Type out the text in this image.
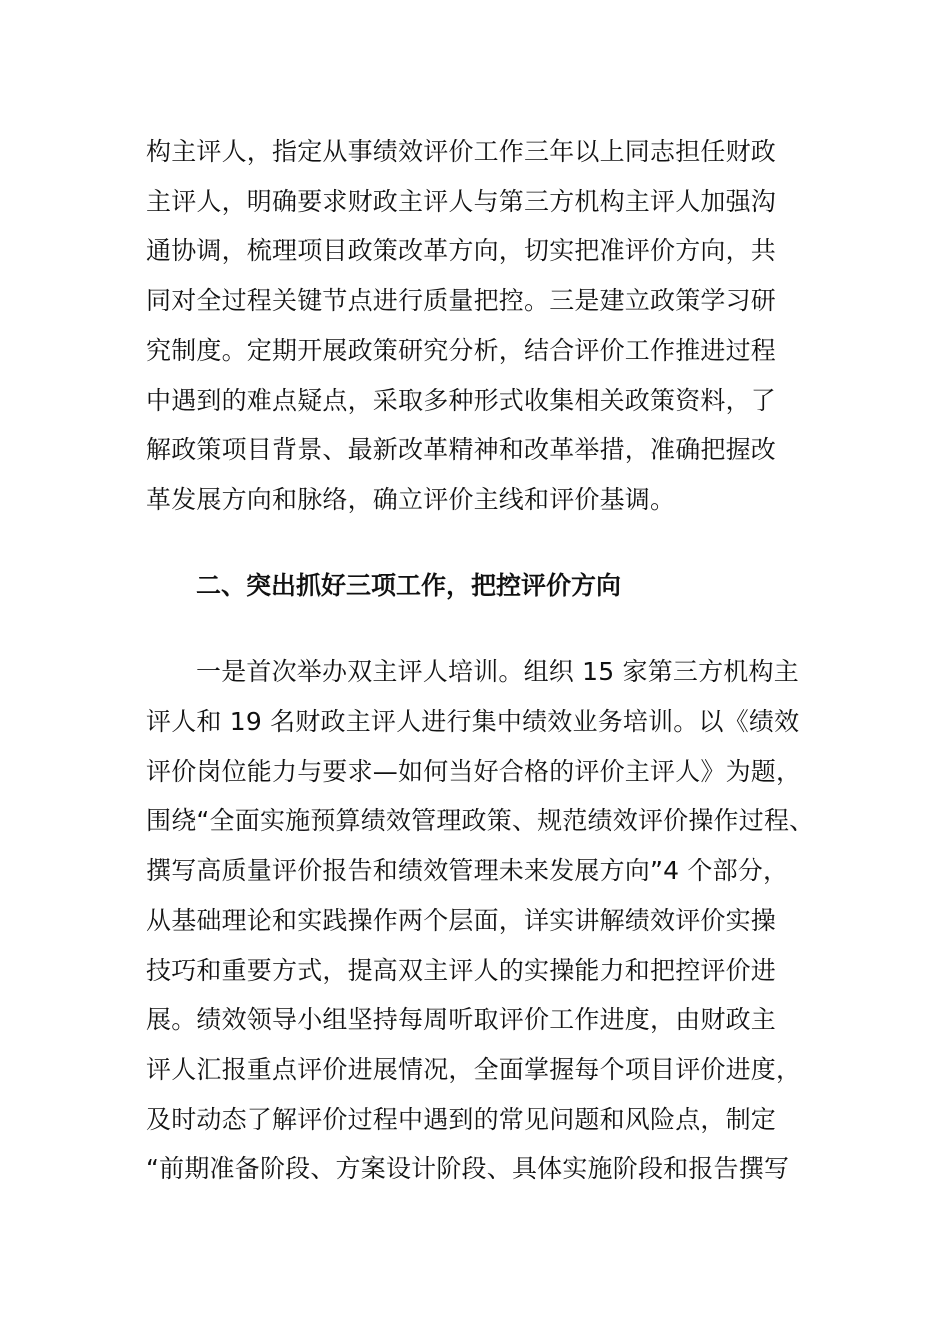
构主评人，指定从事绩效评价工作三年以上同志担任财政
主评人，明确要求财政主评人与第三方机构主评人加强沟
通协调，梳理项目政策改革方向，切实把准评价方向，共
同对全过程关键节点进行质量把控。三是建立政策学习研
究制度。定期开展政策研究分析，结合评价工作推进过程
中遇到的难点疑点，采取多种形式收集相关政策资料，了
解政策项目背景、最新改革精神和改革举措，准确把握改
革发展方向和脉络，确立评价主线和评价基调。
二、突出抓好三项工作，把控评价方向
一是首次举办双主评人培训。组织 15 家第三方机构主
评人和 19 名财政主评人进行集中绩效业务培训。以《绩效
评价岗位能力与要求—如何当好合格的评价主评人》为题，
围绕“全面实施预算绩效管理政策、规范绩效评价操作过程、
撰写高质量评价报告和绩效管理未来发展方向”4 个部分，
从基础理论和实践操作两个层面，详实讲解绩效评价实操
技巧和重要方式，提高双主评人的实操能力和把控评价进
展。绩效领导小组坚持每周听取评价工作进度，由财政主
评人汇报重点评价进展情况，全面掌握每个项目评价进度，
及时动态了解评价过程中遇到的常见问题和风险点，制定
“前期准备阶段、方案设计阶段、具体实施阶段和报告撰写
